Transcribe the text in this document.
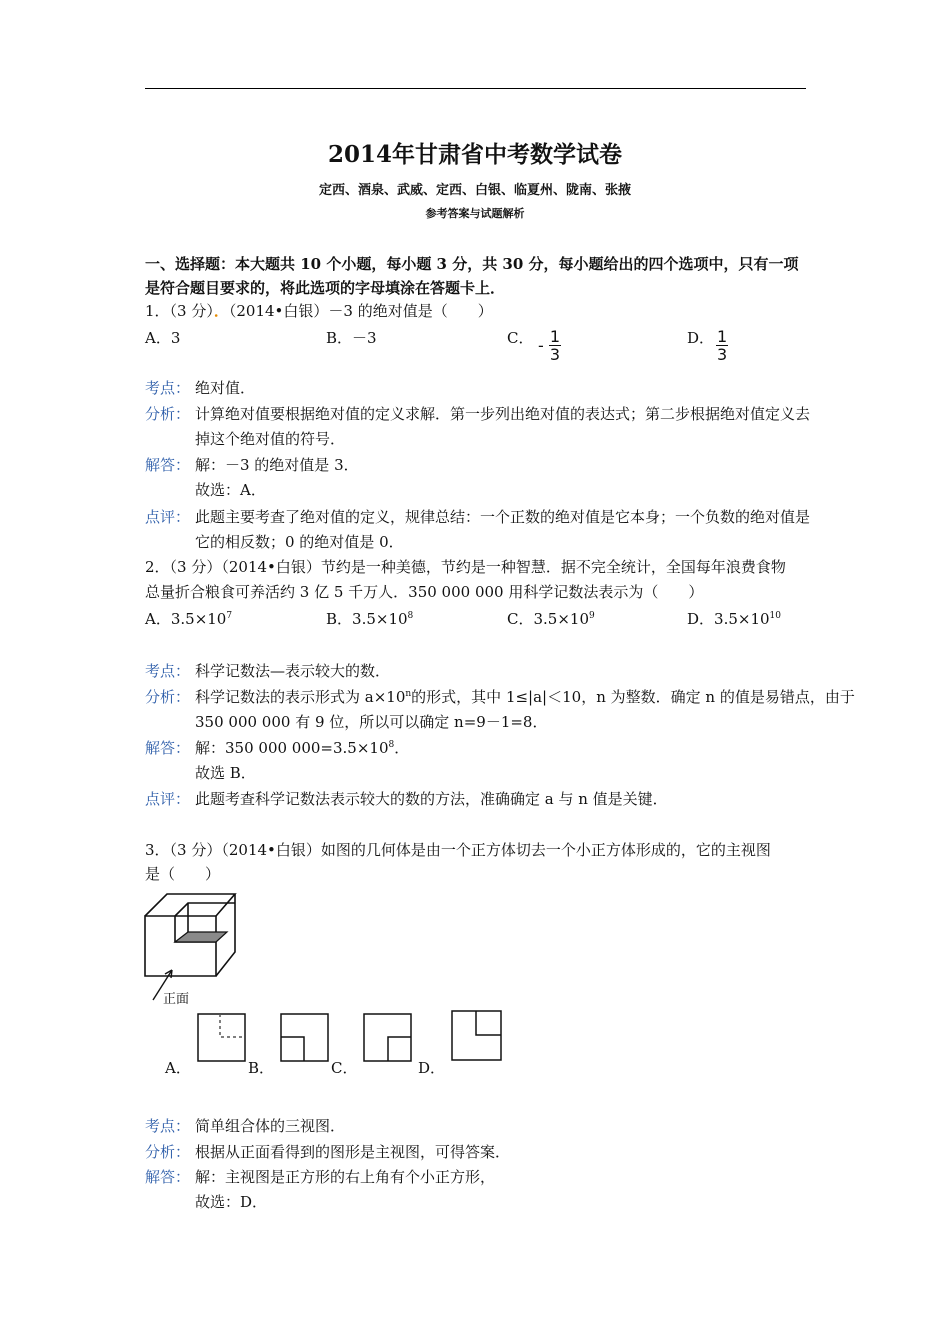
2014年甘肃省中考数学试卷
定西、酒泉、武威、定西、白银、临夏州、陇南、张掖
参考答案与试题解析
一、选择题：本大题共 10 个小题，每小题 3 分，共 30 分，每小题给出的四个选项中，只有一项
是符合题目要求的，将此选项的字母填涂在答题卡上．
1．（3 分）．（2014•白银）－3 的绝对值是（　　）
A．3	B．－3	C． - $\frac{1}{3}$	D． $\frac{1}{3}$
考点： 绝对值．
分析： 计算绝对值要根据绝对值的定义求解．第一步列出绝对值的表达式；第二步根据绝对值定义去
掉这个绝对值的符号．
解答： 解：－3 的绝对值是 3．
故选：A．
点评： 此题主要考查了绝对值的定义，规律总结：一个正数的绝对值是它本身；一个负数的绝对值是
它的相反数；0 的绝对值是 0．
2．（3 分）（2014•白银）节约是一种美德，节约是一种智慧．据不完全统计，全国每年浪费食物
总量折合粮食可养活约 3 亿 5 千万人．350 000 000 用科学记数法表示为（　　）
A．$3.5\times 10^7$	B．$3.5\times 10^8$	C．$3.5\times 10^9$	D．$3.5\times 10^{10}$
考点： 科学记数法—表示较大的数．
分析： 科学记数法的表示形式为 $a\times 10^n$的形式，其中 1≤|a|＜10，n 为整数．确定 n 的值是易错点，由于
350 000 000 有 9 位，所以可以确定 n=9－1=8．
解答： 解：350 000 $000=3.5\times 10^8$．
故选 B．
点评： 此题考查科学记数法表示较大的数的方法，准确确定 a 与 n 值是关键．
3．（3 分）（2014•白银）如图的几何体是由一个正方体切去一个小正方体形成的，它的主视图
是（　　）
正面
A．	B．	C．	D．
考点： 简单组合体的三视图．
分析： 根据从正面看得到的图形是主视图，可得答案．
解答： 解：主视图是正方形的右上角有个小正方形，
故选：D．
